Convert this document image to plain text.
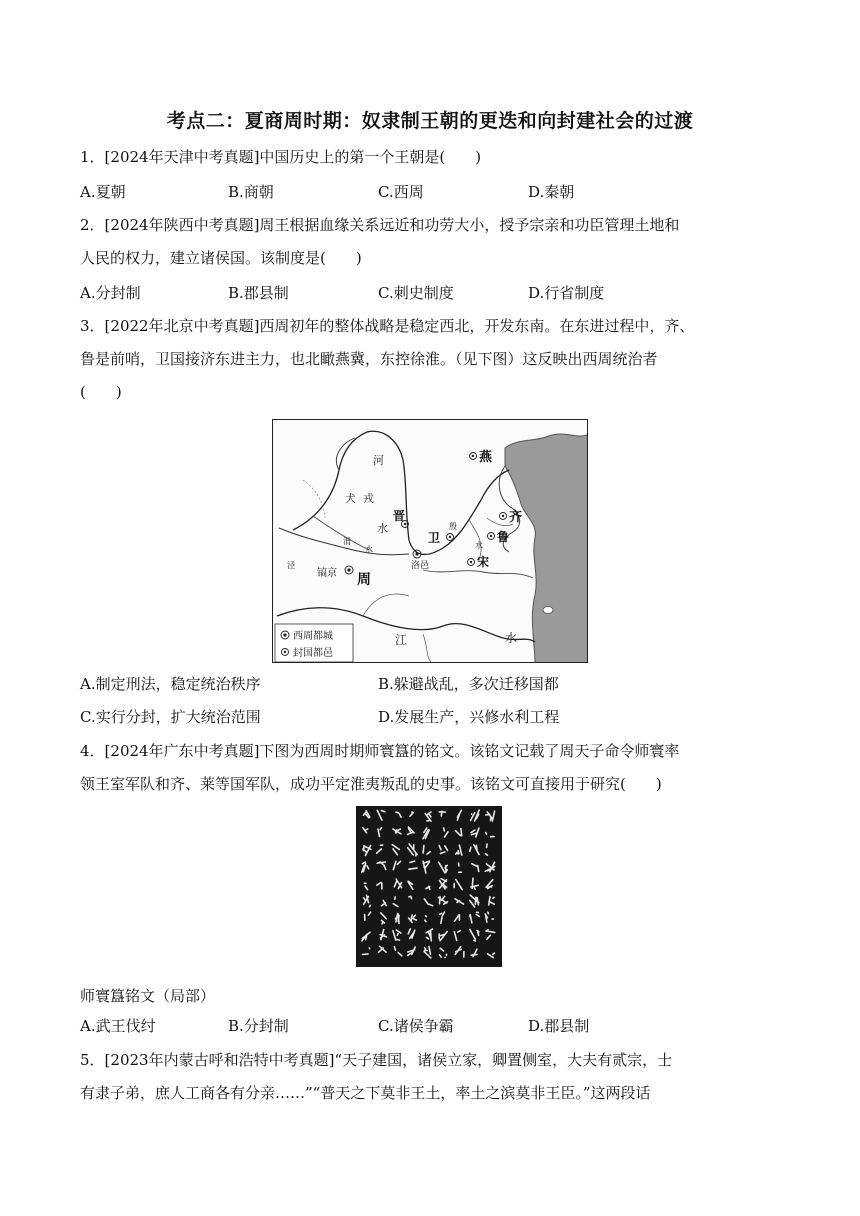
考点二：夏商周时期：奴隶制王朝的更迭和向封建社会的过渡
1．[2024年天津中考真题]中国历史上的第一个王朝是(　　)
A.夏朝	B.商朝	C.西周	D.秦朝
2．[2024年陕西中考真题]周王根据血缘关系远近和功劳大小，授予宗亲和功臣管理土地和
人民的权力，建立诸侯国。该制度是(　　)
A.分封制	B.郡县制	C.刺史制度	D.行省制度
3．[2022年北京中考真题]西周初年的整体战略是稳定西北，开发东南。在东进过程中，齐、
鲁是前哨，卫国接济东进主力，也北瞰燕冀，东控徐淮。（见下图）这反映出西周统治者
(　　)
燕
犬 戎
河
水
晋
卫
殷
齐
鲁
水
宋
渭
水
泾
镐京 周
洛邑
江	水
西周都城
封国都邑
A.制定刑法，稳定统治秩序	B.躲避战乱，多次迁移国都
C.实行分封，扩大统治范围	D.发展生产，兴修水利工程
4．[2024年广东中考真题]下图为西周时期师寰簋的铭文。该铭文记载了周天子命令师寰率
领王室军队和齐、莱等国军队，成功平定淮夷叛乱的史事。该铭文可直接用于研究(　　)
师寰簋铭文（局部）
A.武王伐纣	B.分封制	C.诸侯争霸	D.郡县制
5．[2023年内蒙古呼和浩特中考真题]“天子建国，诸侯立家，卿置侧室，大夫有贰宗，士
有隶子弟，庶人工商各有分亲……”“普天之下莫非王土，率土之滨莫非王臣。”这两段话
